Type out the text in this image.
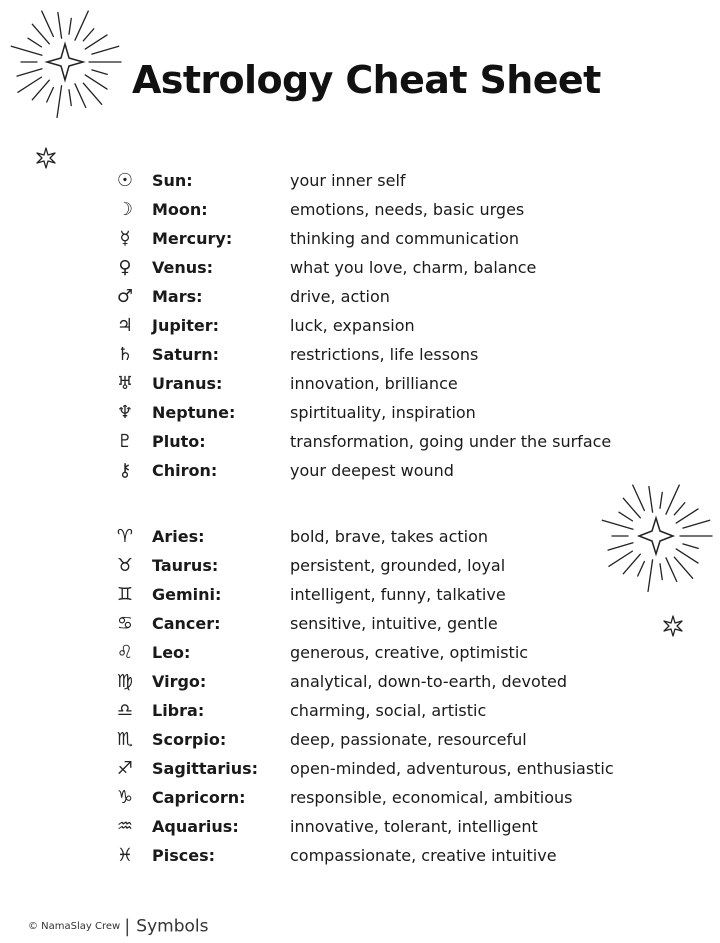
Astrology Cheat Sheet
☉	Sun:	your inner self
☽	Moon:	emotions, needs, basic urges
☿	Mercury:	thinking and communication
♀	Venus:	what you love, charm, balance
♂	Mars:	drive, action
♃	Jupiter:	luck, expansion
♄	Saturn:	restrictions, life lessons
♅	Uranus:	innovation, brilliance
♆	Neptune:	spirtituality, inspiration
♇	Pluto:	transformation, going under the surface
⚷	Chiron:	your deepest wound
♈	Aries:	bold, brave, takes action
♉	Taurus:	persistent, grounded, loyal
♊	Gemini:	intelligent, funny, talkative
♋	Cancer:	sensitive, intuitive, gentle
♌	Leo:	generous, creative, optimistic
♍	Virgo:	analytical, down-to-earth, devoted
♎	Libra:	charming, social, artistic
♏	Scorpio:	deep, passionate, resourceful
♐	Sagittarius: open-minded, adventurous, enthusiastic
♑	Capricorn:	responsible, economical, ambitious
♒	Aquarius:	innovative, tolerant, intelligent
♓	Pisces:	compassionate, creative intuitive
© NamaSlay Crew | Symbols
